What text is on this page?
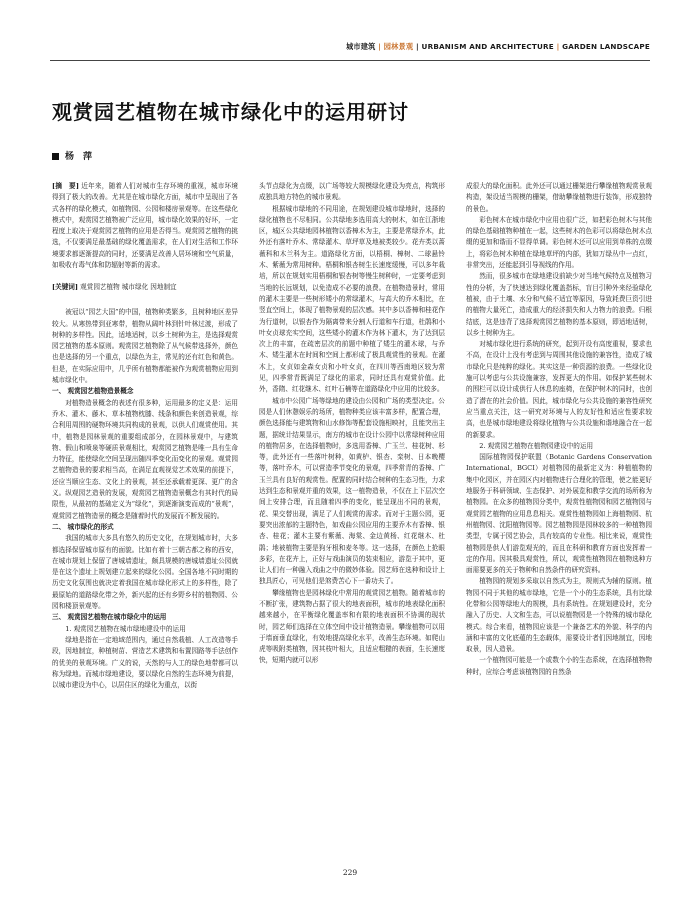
城市建筑 | 园林景观 | URBANISM AND ARCHITECTURE | GARDEN LANDSCAPE
观赏园艺植物在城市绿化中的运用研讨
杨　萍

[摘　要] 近年来，随着人们对城市生存环境的重视，城市环境得到了极大的改善。尤其是在城市绿化方面，城市中呈现出了各式各样的绿化模式，如植物园、公园和楼房景观等。在这些绿化模式中，观赏园艺植物被广泛应用，城市绿化效果的好坏，一定程度上取决于观赏园艺植物的应用是否得当。观赏园艺植物的挑选，不仅要满足最基础的绿化覆盖需求，在人们对生活和工作环境要求都逐渐提高的同时，还要满足改善人居环境和空气质量，如吸收有毒气体和防辐射等新的需求。

[关键词] 观赏园艺植物 城市绿化 因地制宜

被冠以“园艺大国”的中国，植物种类繁多，且树种地区差异较大。从寒热带到亚寒带，植物从阔叶林到针叶林过渡，形成了树种的多样性。因此，适地适树，以乡土树种为主，是选择观赏园艺植物的基本原则。观赏园艺植物除了从气候带选择外，颜色也是选择的另一个重点，以绿色为主，常见的还有红色和黄色。但是，在实际应用中，几乎所有植物都能被作为观赏植物应用到城市绿化中。

一、 观赏园艺植物造景概念

对植物造景概念的表述有很多种，运用最多的定义是：运用乔木、灌木、藤木、草本植物枕膝、线条和颜色来创造景观，综合利用周围的硬物环境共同构成的景观，以供人们观赏使用。其中，植物是园林景观的重要组成部分，在园林景观中，与建筑物、假山和喷泉等硬质景观相比，观赏园艺植物是唯一具有生命力特征，能使绿化空间呈现出随四季变化而变化的景观。观赏园艺植物造景的要求相当高，在满足直观视觉艺术效果的前提下，还应当顺应生态、文化上的景观，甚至还承载着更深、更广的含义。纵观园艺造景的发展，观赏园艺植物造景概念有其时代的局限性，从最初的基础定义为“绿化”，到逐渐演变而成的“景观”，观赏园艺植物造景的概念是随着时代的发展而不断发展的。

二、 城市绿化的形式

我国的城市大多具有悠久的历史文化，在规划城市时，大多都选择保留城市原有的面貌。比如有着十三朝古都之称的西安，在城市规划上保留了唐城墙遗址，颇具规模的唐城墙遗址公园就是在这个遗址上规划建立起来的绿化公园。全国各地不同时期的历史文化氛围也就决定着我国在城市绿化形式上的多样性，除了最原始的道路绿化带之外，新兴起的还有乡野乡村的植物园、公园和楼顶景观等。

三、 观赏园艺植物在城市绿化中的运用
1. 观赏园艺植物在城市绿地建设中的运用

绿地是指在一定地域范围内，通过自然栽植、人工改造等手段，因地制宜，种植树苗、营造艺术建筑和布置园路等手法创作的优美的景观环境。广义的说，天然的与人工的绿色地带都可以称为绿地。而城市绿地建设，要以绿化自然的生态环境为前提，以城市建设为中心，以居住区的绿化为重点，以街

头节点绿化为点缀，以广场等较大规模绿化建设为亮点，构筑形成独具地方特色的城市景观。

根据城市绿地的不同用途，在规划建设城市绿地时，选择的绿化植物也不尽相同。公共绿地多选用高大的树木，如在江浙地区，城区公共绿地园林植物以香樟木为主，主要是常绿乔木，此外还有落叶乔木、常绿灌木、草坪草及地被类较少。花卉类以蔷薇科和木兰科为主。道路绿化方面，以梧桐、樟树、二球悬铃木、紫薇为常用树种。梧桐和银杏树生长速度缓慢，可以多年栽培，所以在规划实用梧桐和银杏树等慢生树种时，一定要考虑到当地的长远规划，以免造成不必要的浪费。在植物造景时，常用的灌木主要是一些树形矮小的常绿灌木，与高大的乔木相比，在竖直空间上，体现了植物景观的层次感。其中多以香樟和桂花作为行道树，以银杏作为隔离带来分割人行道和车行道，杜鹃和小叶女贞球充实空间，这些矮小的灌木作为林下灌木，为了达到层次上的丰富，在疏密层次的前题中种植了矮生的灌木球，与乔木、矮生灌木在时间和空间上都形成了极具观赏性的景观。在灌木上，女贞如金森女贞和小叶女贞，在四川等西南地区较为常见，四季常青既满足了绿化的需求，同时还具有观赏价值。此外，香隋、红花继木、红叶石楠等在道路绿化中应用的比较多。

城市中公园广场等绿地的建设由公园和广场的类型决定。公园是人们休憩娱乐的场所，植物种类应该丰富多样，配置合理，颜色选择能与建筑物和山水修饰等配套设施相映衬，且能突出主题，据统计结果显示，南方的城市在设计公园中以常绿树种应用的植物居多，在选择植物时，多选用香樟、广玉兰、桂花树、杉等，此外还有一些落叶树种，如黄栌、银杏、栾树、日本晚樱等，落叶乔木，可以营造季节变化的景观，四季常青的香樟、广玉兰具有良好的观赏性。配置的同时结合树种的生态习性，力求达到生态和景观并重的效果，这一植物造景，不仅在上下层次空间上安排合理，而且随着四季的变化，能呈现出不同的景观，花、果交替出现，满足了人们观赏的需求。而对于主题公园，更要突出浓郁的主题特色，如戏曲公园应用的主要乔木有香樟、银杏、桂花；灌木主要有紫薇、海棠、金边黄杨、红花继木、杜鹃；地被植物主要是狗牙根和麦冬等。这一选择，在颜色上抢眼多彩，在花卉上，正好与戏曲演员的装束相应，游览于其中，更让人们有一种融入戏曲之中的微妙体验。园艺师在选种和设计上独具匠心，可见他们是煞费苦心下一番功夫了。

攀缘植物也是园林绿化中常用的观赏园艺植物。随着城市的不断扩张，建筑物占据了很大的地表面积，城市的地表绿化面积越来越小，在平衡绿化覆盖率和有限的地表面积不协调的现状时，园艺师们选择在立体空间中设计植物造景。攀缘植物可以用于墙面垂直绿化，有效地提高绿化水平，改善生态环境。如爬山虎等吸附类植物，因其枝叶相大，且适应粗糙的表面，生长速度快，短期内就可以形

成很大的绿化面积。此外还可以通过栅架进行攀缘植物观赏景观构造，架设适当规模的栅架，借助攀缘植物进行装饰，形成独特的景色。

彩色树木在城市绿化中应用也很广泛，如把彩色树木与其他的绿色基础植物种植在一起，这些树木的色彩可以将绿色树木点缀的更加和谐而不显得单调。彩色树木还可以应用到单株的点缀上，将彩色树木种植在绿地草坪的内部，犹如万绿丛中一点红，非常突出，还能起到引导视线的作用。

然而，很多城市在绿地建设前缺少对当地气候特点及植物习性的分析，为了快速达到绿化覆盖指标，盲目引种外来经验绿化植被，由于土壤、水分和气候不适宜等原因，导致耗费巨资引进的植物大量死亡，造成重大的经济损失和人力物力的浪费。归根结底，这是违背了选择观赏园艺植物的基本原则，即适地适树，以乡土树种为主。

对城市绿化进行系统的研究，起到开设有高度重视，要求也不高，在设计上没有考虑到与周围其他设施的兼容性，造成了城市绿化只是纯粹的绿化。其实这是一种资源的浪费。一些绿化设施可以考虑与公共设施兼容，发挥更大的作用。如保护某些树木的围栏可以设计成供行人休息的座椅，在保护树木的同时，也创造了潜在的社会价值。因此，城市绿化与公共设施的兼容性研究应当重点关注，这一研究对环境与人的友好性和适应性要求较高，也是城市绿地建设将绿化植物与公共设施和谐地融合在一起的新要求。

2. 观赏园艺植物在植物园建设中的运用

国际植物园保护联盟（Botanic Gardens Conservation International，BGCI）对植物园的最新定义为：种植植物的集中化园区，并在园区内对植物进行合理化的管理，使之能更好地服务于科研领域、生态保护、对外展览和教学交流的场所称为植物园。在众多的植物园分类中，观赏性植物园和园艺植物园与观赏园艺植物的应用息息相关。观赏性植物园如上海植物园、杭州植物园、沈阳植物园等。园艺植物园是园林较多的一种植物园类型，专属于园艺协会，具有较高的专业性。相比来说，观赏性植物园是供人们游览观光的，而且在科研和教育方面也发挥着一定的作用。因其极具观赏性，所以，观赏性植物园在植物选种方面需要更多的关于物种和自然条件的研究资料。

植物园的规划多采取以自然式为主，规则式为辅的原则。植物园不同于其他的城市绿地，它是一个小的生态系统，具有比绿化带和公园等绿地大的规模，具有系统性。在规划建设时，充分融入了历史、人文和生态，可以说植物园是一个特殊的城市绿化模式。综合来看，植物园应该是一个兼备艺术的外貌、科学的内涵和丰富的文化底蕴的生态载体，需要设计者们因地制宜，因地取景，因人造景。

一个植物园可能是一个或数个小的生态系统，在选择植物物种时，应综合考虑该植物园的自然条

229
